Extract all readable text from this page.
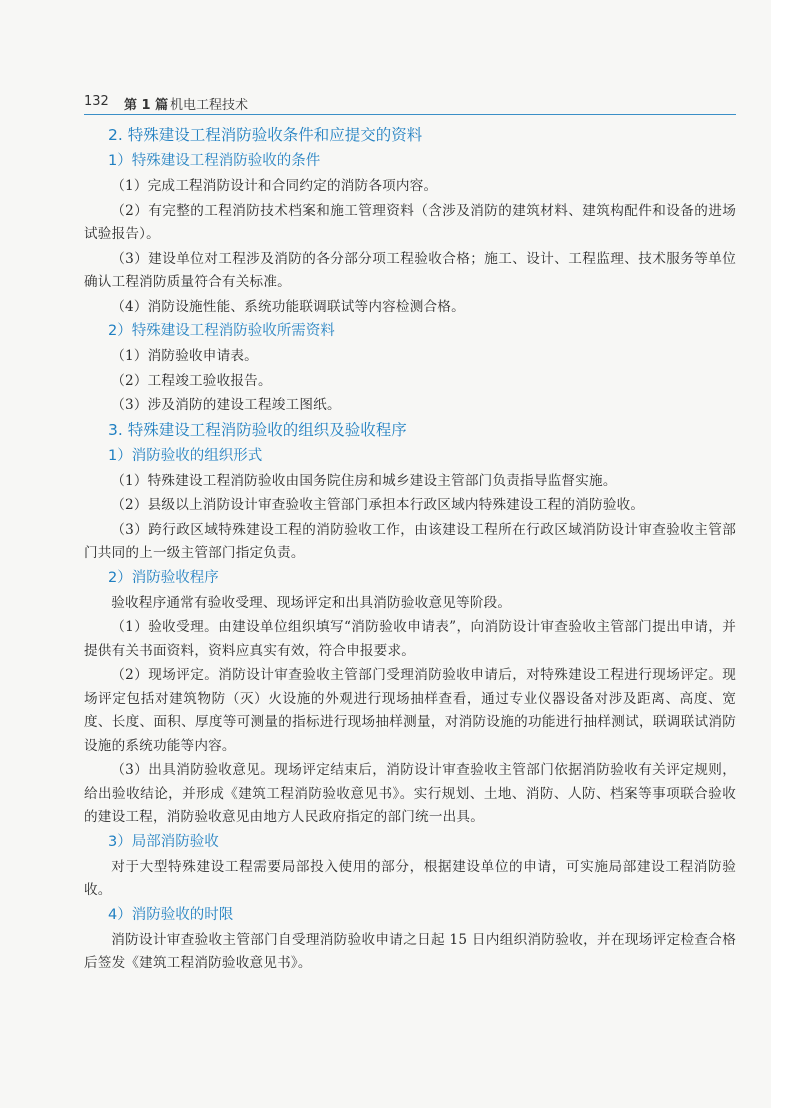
132 第 1 篇 机电工程技术
2. 特殊建设工程消防验收条件和应提交的资料
1）特殊建设工程消防验收的条件
（1）完成工程消防设计和合同约定的消防各项内容。
（2）有完整的工程消防技术档案和施工管理资料（含涉及消防的建筑材料、建筑构配件和设备的进场试验报告）。
（3）建设单位对工程涉及消防的各分部分项工程验收合格；施工、设计、工程监理、技术服务等单位确认工程消防质量符合有关标准。
（4）消防设施性能、系统功能联调联试等内容检测合格。
2）特殊建设工程消防验收所需资料
（1）消防验收申请表。
（2）工程竣工验收报告。
（3）涉及消防的建设工程竣工图纸。
3. 特殊建设工程消防验收的组织及验收程序
1）消防验收的组织形式
（1）特殊建设工程消防验收由国务院住房和城乡建设主管部门负责指导监督实施。
（2）县级以上消防设计审查验收主管部门承担本行政区域内特殊建设工程的消防验收。
（3）跨行政区域特殊建设工程的消防验收工作，由该建设工程所在行政区域消防设计审查验收主管部门共同的上一级主管部门指定负责。
2）消防验收程序
验收程序通常有验收受理、现场评定和出具消防验收意见等阶段。
（1）验收受理。由建设单位组织填写“消防验收申请表”，向消防设计审查验收主管部门提出申请，并提供有关书面资料，资料应真实有效，符合申报要求。
（2）现场评定。消防设计审查验收主管部门受理消防验收申请后，对特殊建设工程进行现场评定。现场评定包括对建筑物防（灭）火设施的外观进行现场抽样查看，通过专业仪器设备对涉及距离、高度、宽度、长度、面积、厚度等可测量的指标进行现场抽样测量，对消防设施的功能进行抽样测试，联调联试消防设施的系统功能等内容。
（3）出具消防验收意见。现场评定结束后，消防设计审查验收主管部门依据消防验收有关评定规则，给出验收结论，并形成《建筑工程消防验收意见书》。实行规划、土地、消防、人防、档案等事项联合验收的建设工程，消防验收意见由地方人民政府指定的部门统一出具。
3）局部消防验收
对于大型特殊建设工程需要局部投入使用的部分，根据建设单位的申请，可实施局部建设工程消防验收。
4）消防验收的时限
消防设计审查验收主管部门自受理消防验收申请之日起 15 日内组织消防验收，并在现场评定检查合格后签发《建筑工程消防验收意见书》。
